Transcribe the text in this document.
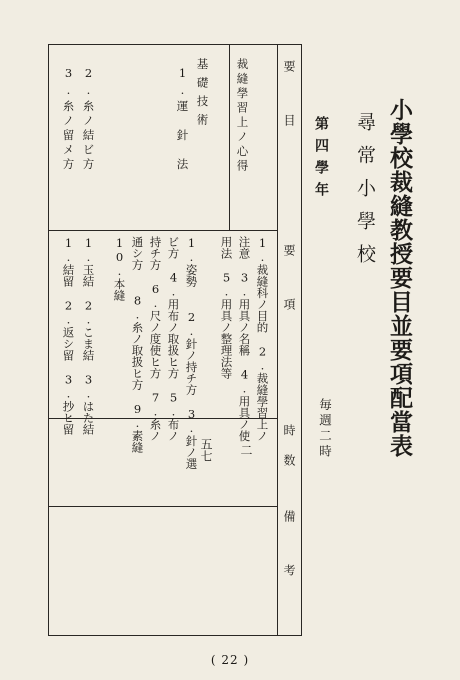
小學校裁縫教授要目並要項配當表
尋常小學校
第四學年
毎週二時
要　　目
要　　項
時　数
備　　考
裁縫學習上ノ心得
1.裁縫科ノ目的　2.裁縫學習上ノ
注意　3.用具ノ名稱　4.用具ノ使
用法　5.用具ノ整理法等
二
基礎技術
1.運　針　法
2.糸ノ結ビ方
3.糸ノ留メ方
1.姿勢　　2.針ノ持チ方　3.針ノ選
ビ方　4.用布ノ取扱ヒ方　5.布ノ
持チ方　6.尺ノ度使ヒ方　7.糸ノ
通シ方　　8.糸ノ取扱ヒ方　9.素縫
10.本縫
1.玉結　2.こま結　3.はた結
1.結留　2.返シ留　3.抄ヒ留
五七
( 22 )
